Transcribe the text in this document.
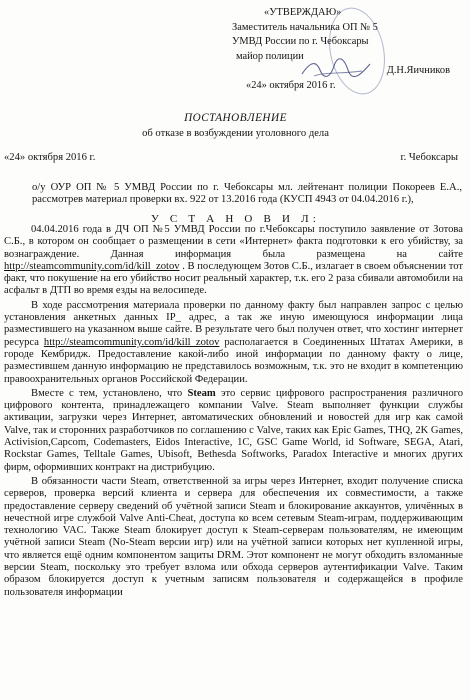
«УТВЕРЖДАЮ»
Заместитель начальника ОП № 5
УМВД России по г. Чебоксары
майор полиции
Д.Н.Яичников
«24» октября 2016 г.
ПОСТАНОВЛЕНИЕ
об отказе в возбуждении уголовного дела
«24» октября 2016 г.	г. Чебоксары
о/у ОУР ОП № 5 УМВД России по г. Чебоксары мл. лейтенант полиции Покореев Е.А., рассмотрев материал проверки вх. 922 от 13.2016 года (КУСП 4943 от 04.04.2016 г.),
У С Т А Н О В И Л:

04.04.2016 года в ДЧ ОП №5 УМВД России по г.Чебоксары поступило заявление от Зотова С.Б., в котором он сообщает о размещении в сети «Интернет» факта подготовки к его убийству, за вознаграждение. Данная информация была размещена на сайте http://steamcommunity.com/id/kill_zotov . В последующем Зотов С.Б., излагает в своем объяснении тот факт, что покушение на его убийство носит реальный характер, т.к. его 2 раза сбивали автомобили на асфальт в ДТП во время езды на велосипеде.

В ходе рассмотрения материала проверки по данному факту был направлен запрос с целью установления анкетных данных IP_ адрес, а так же иную имеющуюся информации лица разместившего на указанном выше сайте. В результате чего был получен ответ, что хостинг интернет ресурса http://steamcommunity.com/id/kill_zotov располагается в Соединенных Штатах Америки, в городе Кембридж. Предоставление какой-либо иной информации по данному факту о лице, разместившем данную информацию не представилось возможным, т.к. это не входит в компетенцию правоохранительных органов Российской Федерации.

Вместе с тем, установлено, что Steam это сервис цифрового распространения различного цифрового контента, принадлежащего компании Valve. Steam выполняет функции службы активации, загрузки через Интернет, автоматических обновлений и новостей для игр как самой Valve, так и сторонних разработчиков по соглашению с Valve, таких как Epic Games, THQ, 2K Games, Activision,Capcom, Codemasters, Eidos Interactive, 1С, GSC Game World, id Software, SEGA, Atari, Rockstar Games, Telltale Games, Ubisoft, Bethesda Softworks, Paradox Interactive и многих других фирм, оформивших контракт на дистрибуцию.

В обязанности части Steam, ответственной за игры через Интернет, входит получение списка серверов, проверка версий клиента и сервера для обеспечения их совместимости, а также предоставление серверу сведений об учётной записи Steam и блокирование аккаунтов, уличённых в нечестной игре службой Valve Anti-Cheat, доступа ко всем сетевым Steam-играм, поддерживающим технологию VAC. Также Steam блокирует доступ к Steam-серверам пользователям, не имеющим учётной записи Steam (No-Steam версии игр) или на учётной записи которых нет купленной игры, что является ещё одним компонентом защиты DRM. Этот компонент не могут обходить взломанные версии Steam, поскольку это требует взлома или обхода серверов аутентификации Valve. Таким образом блокируется доступ к учетным записям пользователя и содержащейся в профиле пользователя информации
